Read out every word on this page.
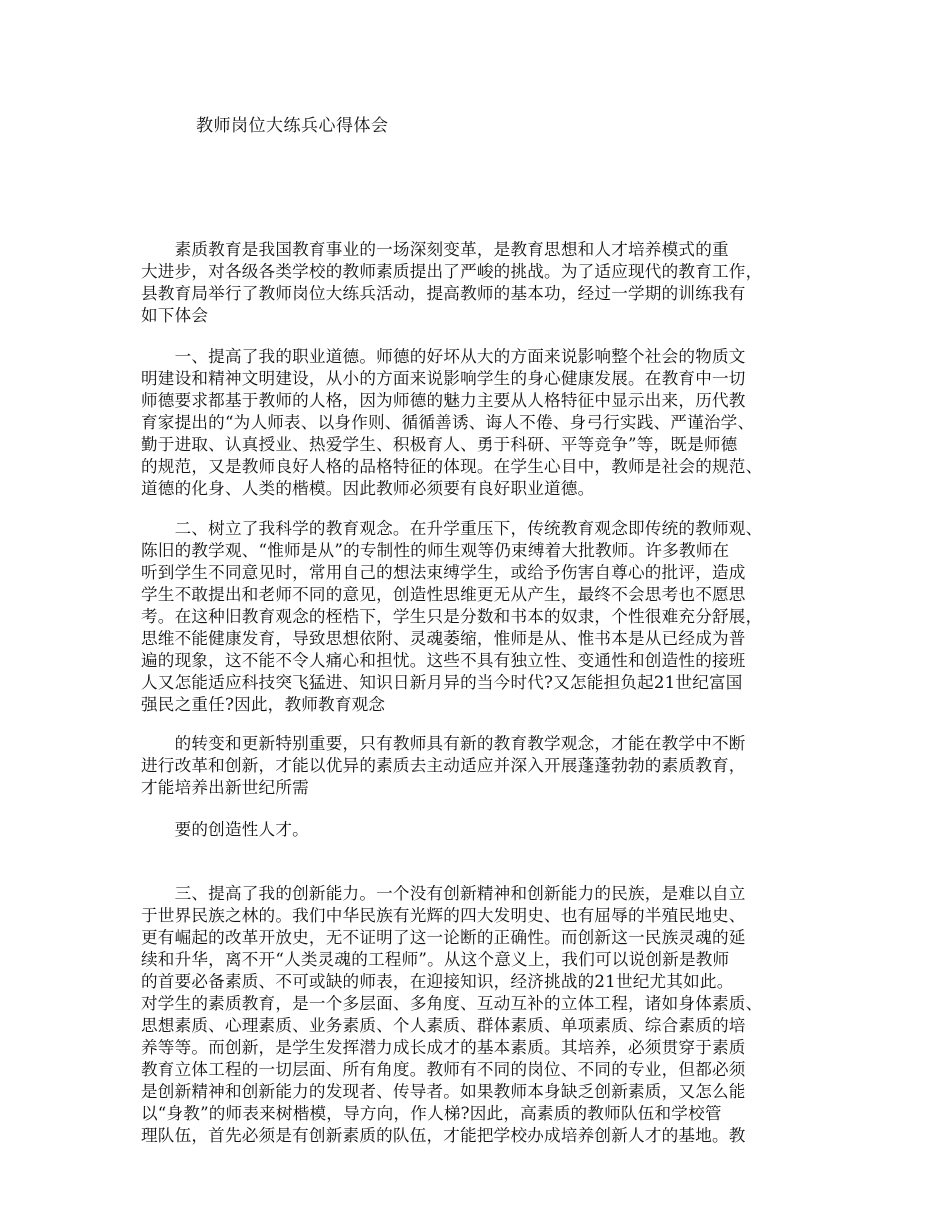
教师岗位大练兵心得体会
　　素质教育是我国教育事业的一场深刻变革，是教育思想和人才培养模式的重
大进步，对各级各类学校的教师素质提出了严峻的挑战。为了适应现代的教育工作，
县教育局举行了教师岗位大练兵活动，提高教师的基本功，经过一学期的训练我有
如下体会
　　一、提高了我的职业道德。师德的好坏从大的方面来说影响整个社会的物质文
明建设和精神文明建设，从小的方面来说影响学生的身心健康发展。在教育中一切
师德要求都基于教师的人格，因为师德的魅力主要从人格特征中显示出来，历代教
育家提出的“为人师表、以身作则、循循善诱、诲人不倦、身弓行实践、严谨治学、
勤于进取、认真授业、热爱学生、积极育人、勇于科研、平等竞争”等，既是师德
的规范，又是教师良好人格的品格特征的体现。在学生心目中，教师是社会的规范、
道德的化身、人类的楷模。因此教师必须要有良好职业道德。
　　二、树立了我科学的教育观念。在升学重压下，传统教育观念即传统的教师观、
陈旧的教学观、“惟师是从”的专制性的师生观等仍束缚着大批教师。许多教师在
听到学生不同意见时，常用自己的想法束缚学生，或给予伤害自尊心的批评，造成
学生不敢提出和老师不同的意见，创造性思维更无从产生，最终不会思考也不愿思
考。在这种旧教育观念的桎梏下，学生只是分数和书本的奴隶，个性很难充分舒展，
思维不能健康发育，导致思想依附、灵魂萎缩，惟师是从、惟书本是从已经成为普
遍的现象，这不能不令人痛心和担忧。这些不具有独立性、变通性和创造性的接班
人又怎能适应科技突飞猛进、知识日新月异的当今时代?又怎能担负起21世纪富国
强民之重任?因此，教师教育观念
　　的转变和更新特别重要，只有教师具有新的教育教学观念，才能在教学中不断
进行改革和创新，才能以优异的素质去主动适应并深入开展蓬蓬勃勃的素质教育，
才能培养出新世纪所需
　　要的创造性人才。
　　三、提高了我的创新能力。一个没有创新精神和创新能力的民族，是难以自立
于世界民族之林的。我们中华民族有光辉的四大发明史、也有屈辱的半殖民地史、
更有崛起的改革开放史，无不证明了这一论断的正确性。而创新这一民族灵魂的延
续和升华，离不开“人类灵魂的工程师”。从这个意义上，我们可以说创新是教师
的首要必备素质、不可或缺的师表，在迎接知识，经济挑战的21世纪尤其如此。
对学生的素质教育，是一个多层面、多角度、互动互补的立体工程，诸如身体素质、
思想素质、心理素质、业务素质、个人素质、群体素质、单项素质、综合素质的培
养等等。而创新，是学生发挥潜力成长成才的基本素质。其培养，必须贯穿于素质
教育立体工程的一切层面、所有角度。教师有不同的岗位、不同的专业，但都必须
是创新精神和创新能力的发现者、传导者。如果教师本身缺乏创新素质，又怎么能
以“身教”的师表来树楷模，导方向，作人梯?因此，高素质的教师队伍和学校管
理队伍，首先必须是有创新素质的队伍，才能把学校办成培养创新人才的基地。教
